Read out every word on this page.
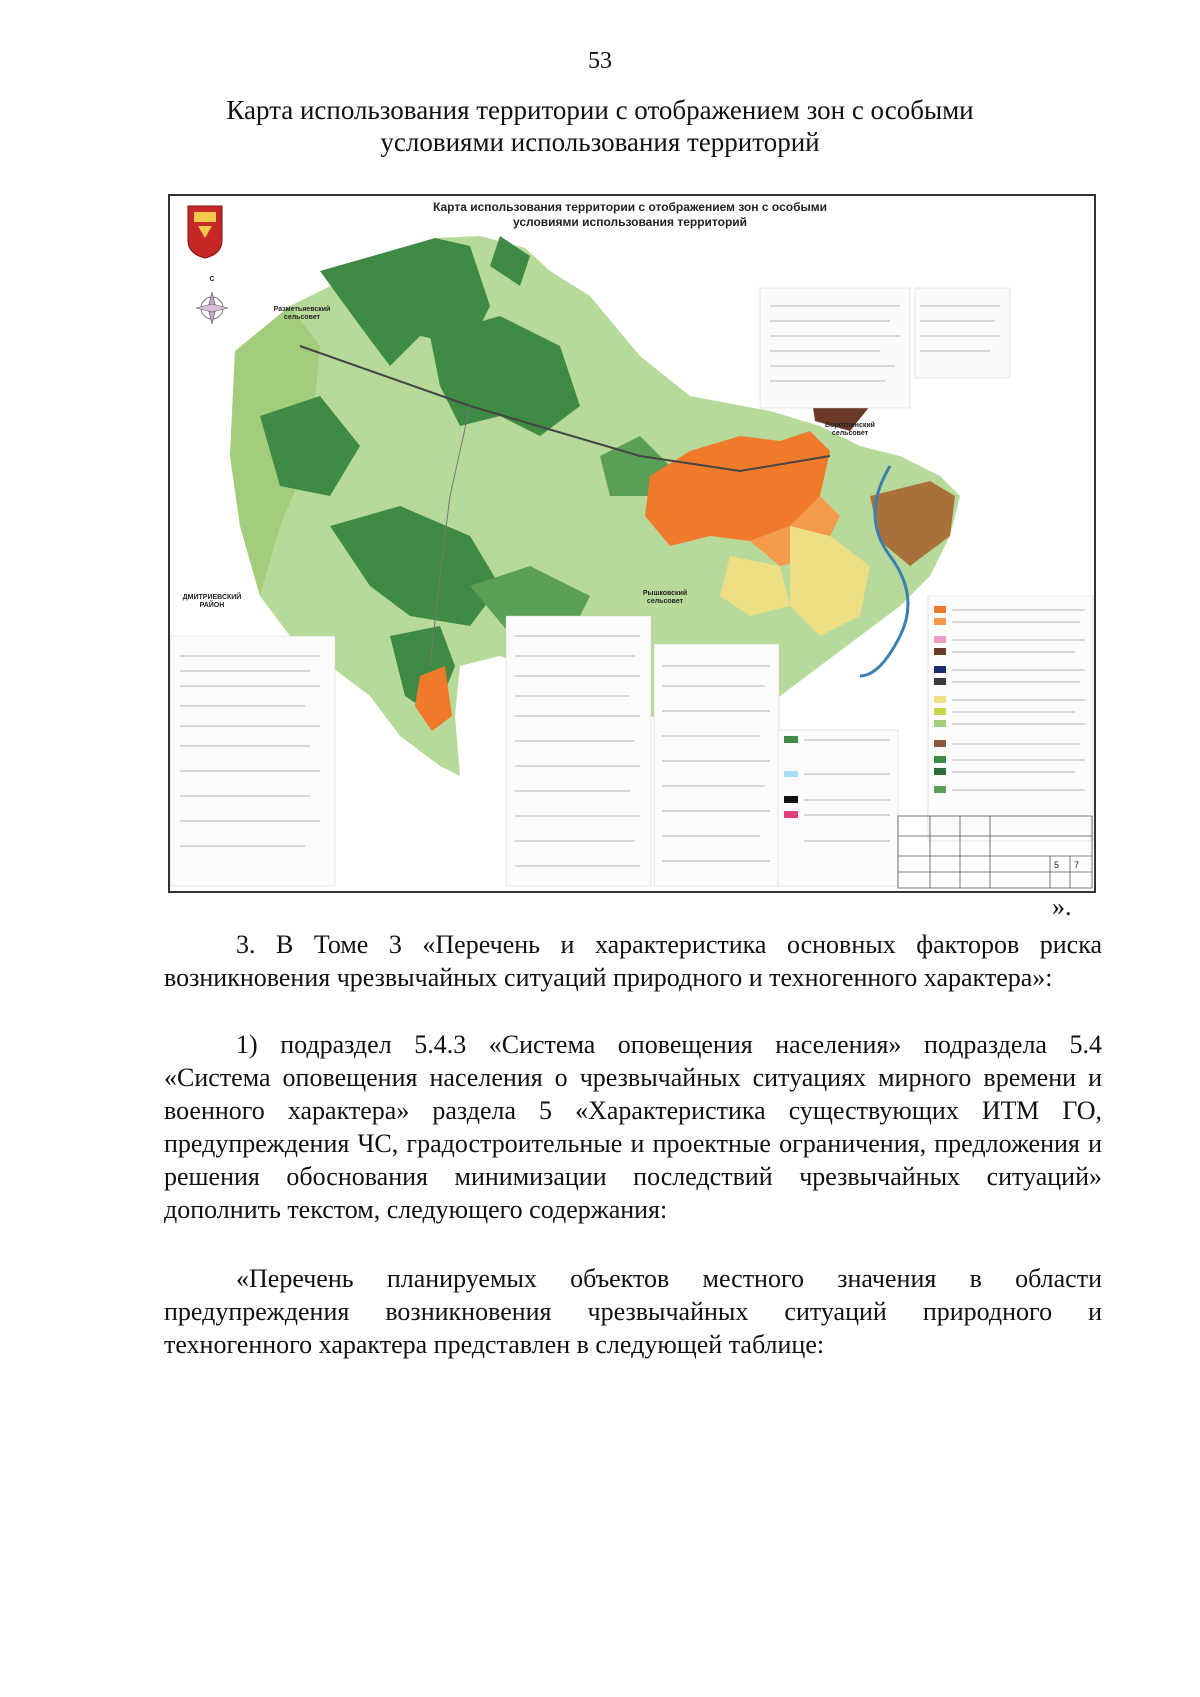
53
Карта использования территории с отображением зон с особыми условиями использования территорий
5 7
Карта использования территории с отображением зон с особыми условиями использования территорий
Разметьяевский сельсовет
Воротнинский сельсовет
ДМИТРИЕВСКИЙ РАЙОН
Рышковский сельсовет
С
».
3. В Томе 3 «Перечень и характеристика основных факторов риска возникновения чрезвычайных ситуаций природного и техногенного характера»:
1) подраздел 5.4.3 «Система оповещения населения» подраздела 5.4 «Система оповещения населения о чрезвычайных ситуациях мирного времени и военного характера» раздела 5 «Характеристика существующих ИТМ ГО, предупреждения ЧС, градостроительные и проектные ограничения, предложения и решения обоснования минимизации последствий чрезвычайных ситуаций» дополнить текстом, следующего содержания:
«Перечень планируемых объектов местного значения в области предупреждения возникновения чрезвычайных ситуаций природного и техногенного характера представлен в следующей таблице:
